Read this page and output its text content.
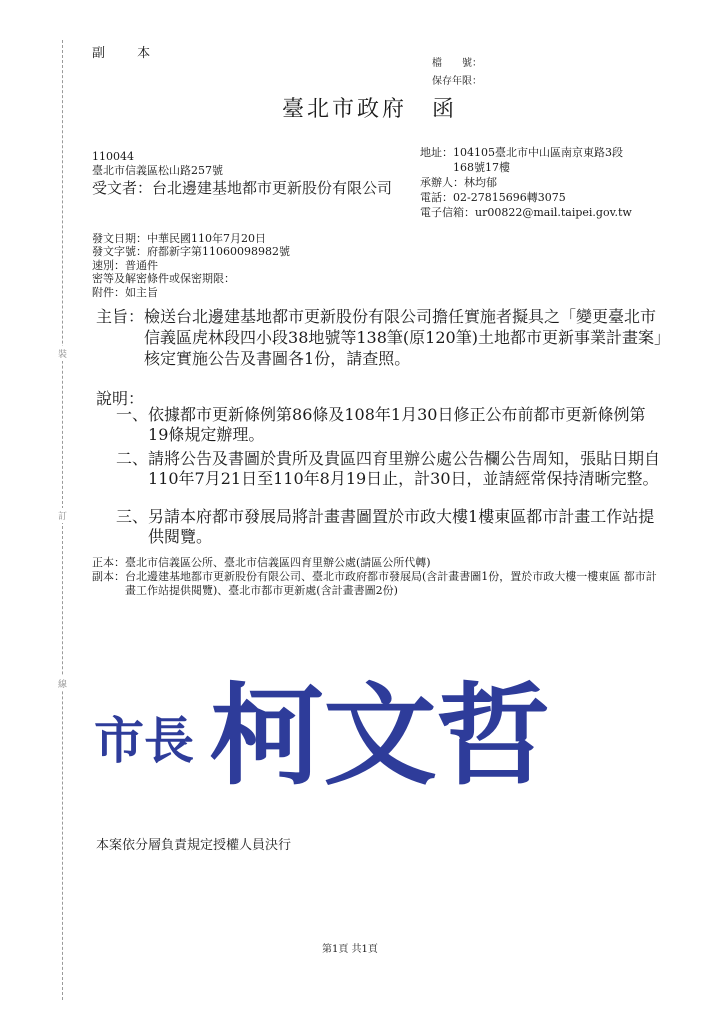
裝
訂
線
副 本
檔　　號：
保存年限：
臺北市政府　函
110044
臺北市信義區松山路257號
地址： 104105臺北市中山區南京東路3段168號17樓
承辦人： 林均郁
電話： 02-27815696轉3075
電子信箱： ur00822@mail.taipei.gov.tw
受文者： 台北邊建基地都市更新股份有限公司
發文日期： 中華民國110年7月20日
發文字號： 府都新字第11060098982號
速別： 普通件
密等及解密條件或保密期限：
附件： 如主旨
主旨： 檢送台北邊建基地都市更新股份有限公司擔任實施者擬具之「變更臺北市信義區虎林段四小段38地號等138筆(原120筆)土地都市更新事業計畫案」核定實施公告及書圖各1份，請查照。
說明：
一、 依據都市更新條例第86條及108年1月30日修正公布前都市更新條例第19條規定辦理。
二、 請將公告及書圖於貴所及貴區四育里辦公處公告欄公告周知，張貼日期自110年7月21日至110年8月19日止，計30日，並請經常保持清晰完整。
三、 另請本府都市發展局將計畫書圖置於市政大樓1樓東區都市計畫工作站提供閱覽。
正本： 臺北市信義區公所、臺北市信義區四育里辦公處(請區公所代轉)
副本： 台北邊建基地都市更新股份有限公司、臺北市政府都市發展局(含計畫書圖1份，置於市政大樓一樓東區 都市計畫工作站提供閱覽)、臺北市都市更新處(含計畫書圖2份)
市長 柯文哲
本案依分層負責規定授權人員決行
第1頁 共1頁
